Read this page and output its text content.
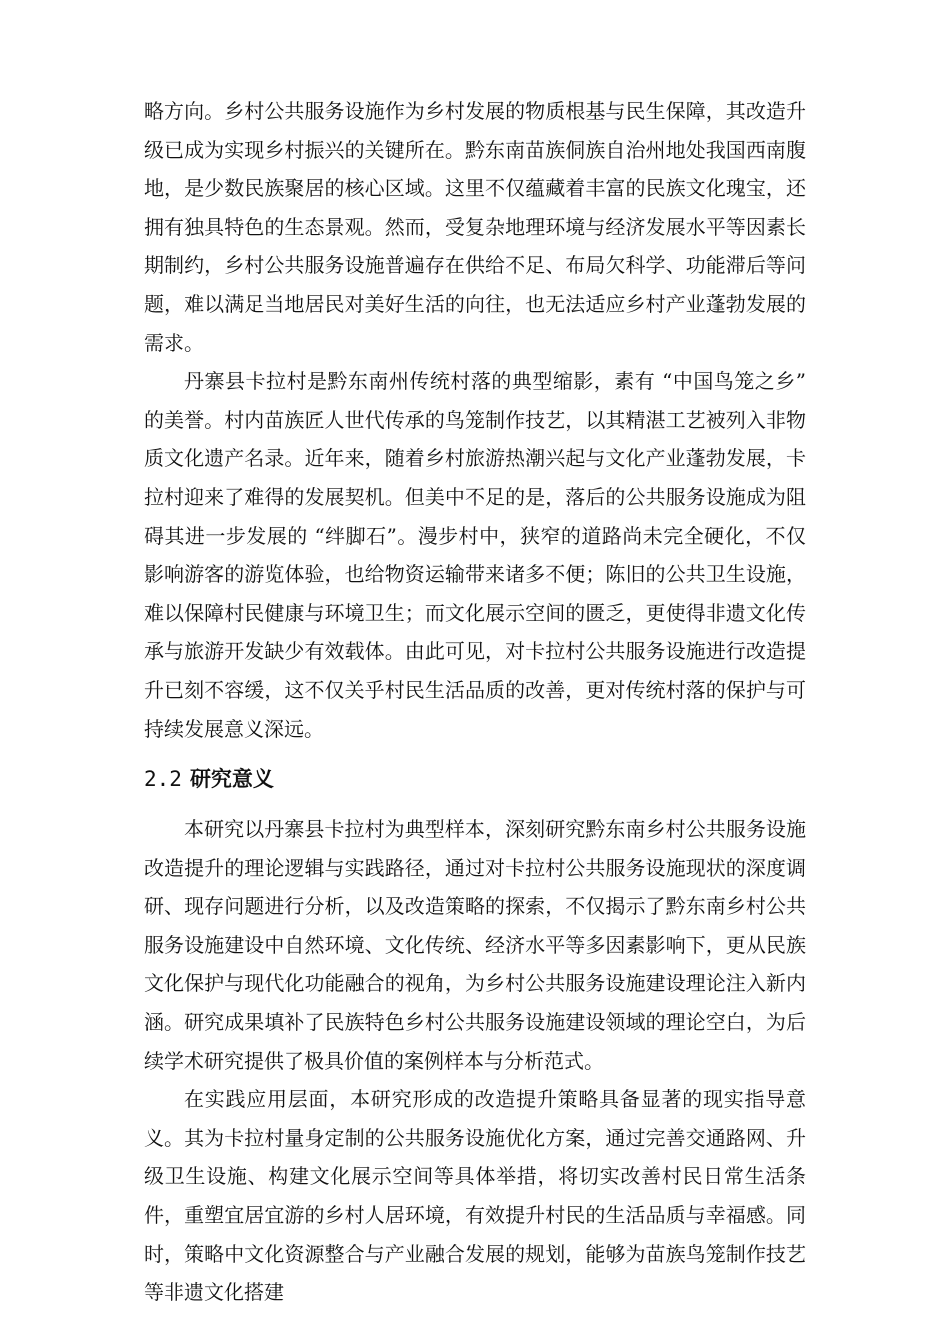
略方向。乡村公共服务设施作为乡村发展的物质根基与民生保障，其改造升级已成为实现乡村振兴的关键所在。黔东南苗族侗族自治州地处我国西南腹地，是少数民族聚居的核心区域。这里不仅蕴藏着丰富的民族文化瑰宝，还拥有独具特色的生态景观。然而，受复杂地理环境与经济发展水平等因素长期制约，乡村公共服务设施普遍存在供给不足、布局欠科学、功能滞后等问题，难以满足当地居民对美好生活的向往，也无法适应乡村产业蓬勃发展的需求。

丹寨县卡拉村是黔东南州传统村落的典型缩影，素有 “中国鸟笼之乡” 的美誉。村内苗族匠人世代传承的鸟笼制作技艺，以其精湛工艺被列入非物质文化遗产名录。近年来，随着乡村旅游热潮兴起与文化产业蓬勃发展，卡拉村迎来了难得的发展契机。但美中不足的是，落后的公共服务设施成为阻碍其进一步发展的 “绊脚石”。漫步村中，狭窄的道路尚未完全硬化，不仅影响游客的游览体验，也给物资运输带来诸多不便；陈旧的公共卫生设施，难以保障村民健康与环境卫生；而文化展示空间的匮乏，更使得非遗文化传承与旅游开发缺少有效载体。由此可见，对卡拉村公共服务设施进行改造提升已刻不容缓，这不仅关乎村民生活品质的改善，更对传统村落的保护与可持续发展意义深远。

2.2 研究意义

本研究以丹寨县卡拉村为典型样本，深刻研究黔东南乡村公共服务设施改造提升的理论逻辑与实践路径，通过对卡拉村公共服务设施现状的深度调研、现存问题进行分析，以及改造策略的探索，不仅揭示了黔东南乡村公共服务设施建设中自然环境、文化传统、经济水平等多因素影响下，更从民族文化保护与现代化功能融合的视角，为乡村公共服务设施建设理论注入新内涵。研究成果填补了民族特色乡村公共服务设施建设领域的理论空白，为后续学术研究提供了极具价值的案例样本与分析范式。

在实践应用层面，本研究形成的改造提升策略具备显著的现实指导意义。其为卡拉村量身定制的公共服务设施优化方案，通过完善交通路网、升级卫生设施、构建文化展示空间等具体举措，将切实改善村民日常生活条件，重塑宜居宜游的乡村人居环境，有效提升村民的生活品质与幸福感。同时，策略中文化资源整合与产业融合发展的规划，能够为苗族鸟笼制作技艺等非遗文化搭建
